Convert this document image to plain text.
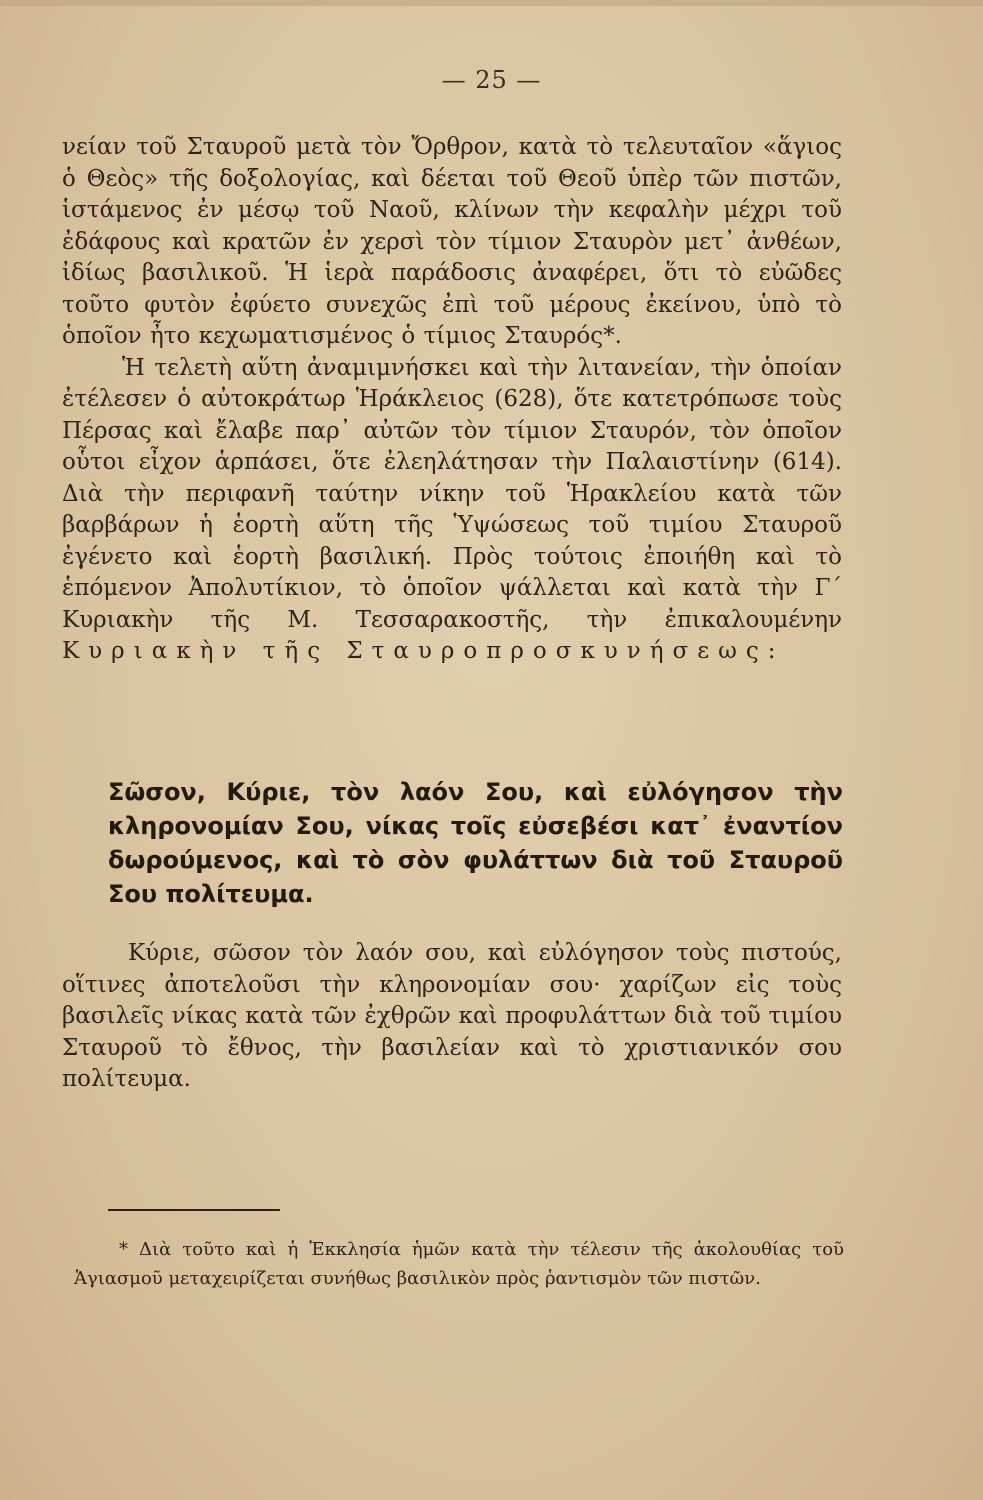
— 25 —

νείαν τοῦ Σταυροῦ μετὰ τὸν Ὄρθρον, κατὰ τὸ τελευταῖον «ἅγιος ὁ Θεὸς» τῆς δοξολογίας, καὶ δέεται τοῦ Θεοῦ ὑπὲρ τῶν πιστῶν, ἱστάμενος ἐν μέσῳ τοῦ Ναοῦ, κλίνων τὴν κεφαλὴν μέχρι τοῦ ἐδάφους καὶ κρατῶν ἐν χερσὶ τὸν τίμιον Σταυρὸν μετ᾽ ἀνθέων, ἰδίως βασιλικοῦ. Ἡ ἱερὰ παράδοσις ἀναφέρει, ὅτι τὸ εὐῶδες τοῦτο φυτὸν ἐφύετο συνεχῶς ἐπὶ τοῦ μέρους ἐκείνου, ὑπὸ τὸ ὁποῖον ἦτο κεχωματισμένος ὁ τίμιος Σταυρός*.

Ἡ τελετὴ αὕτη ἀναμιμνήσκει καὶ τὴν λιτανείαν, τὴν ὁποίαν ἐτέλεσεν ὁ αὐτοκράτωρ Ἡράκλειος (628), ὅτε κατετρόπωσε τοὺς Πέρσας καὶ ἔλαβε παρ᾽ αὐτῶν τὸν τίμιον Σταυρόν, τὸν ὁποῖον οὗτοι εἶχον ἁρπάσει, ὅτε ἐλεηλάτησαν τὴν Παλαιστίνην (614). Διὰ τὴν περιφανῆ ταύτην νίκην τοῦ Ἡρακλείου κατὰ τῶν βαρβάρων ἡ ἑορτὴ αὕτη τῆς Ὑψώσεως τοῦ τιμίου Σταυροῦ ἐγένετο καὶ ἑορτὴ βασιλική. Πρὸς τούτοις ἐποιήθη καὶ τὸ ἑπόμενον Ἀπολυτίκιον, τὸ ὁποῖον ψάλλεται καὶ κατὰ τὴν Γ΄ Κυριακὴν τῆς Μ. Τεσσαρακοστῆς, τὴν ἐπικαλουμένην Κυριακὴν τῆς Σταυροπροσκυνήσεως:

Σῶσον, Κύριε, τὸν λαόν Σου, καὶ εὐλόγησον τὴν κληρονομίαν Σου, νίκας τοῖς εὐσεβέσι κατ᾽ ἐναντίον δωρούμενος, καὶ τὸ σὸν φυλάττων διὰ τοῦ Σταυροῦ Σου πολίτευμα.

Κύριε, σῶσον τὸν λαόν σου, καὶ εὐλόγησον τοὺς πιστούς, οἵτινες ἀποτελοῦσι τὴν κληρονομίαν σου· χαρίζων εἰς τοὺς βασιλεῖς νίκας κατὰ τῶν ἐχθρῶν καὶ προφυλάττων διὰ τοῦ τιμίου Σταυροῦ τὸ ἔθνος, τὴν βασιλείαν καὶ τὸ χριστιανικόν σου πολίτευμα.

* Διὰ τοῦτο καὶ ἡ Ἐκκλησία ἡμῶν κατὰ τὴν τέλεσιν τῆς ἀκολουθίας τοῦ Ἁγιασμοῦ μεταχειρίζεται συνήθως βασιλικὸν πρὸς ῥαντισμὸν τῶν πιστῶν.
